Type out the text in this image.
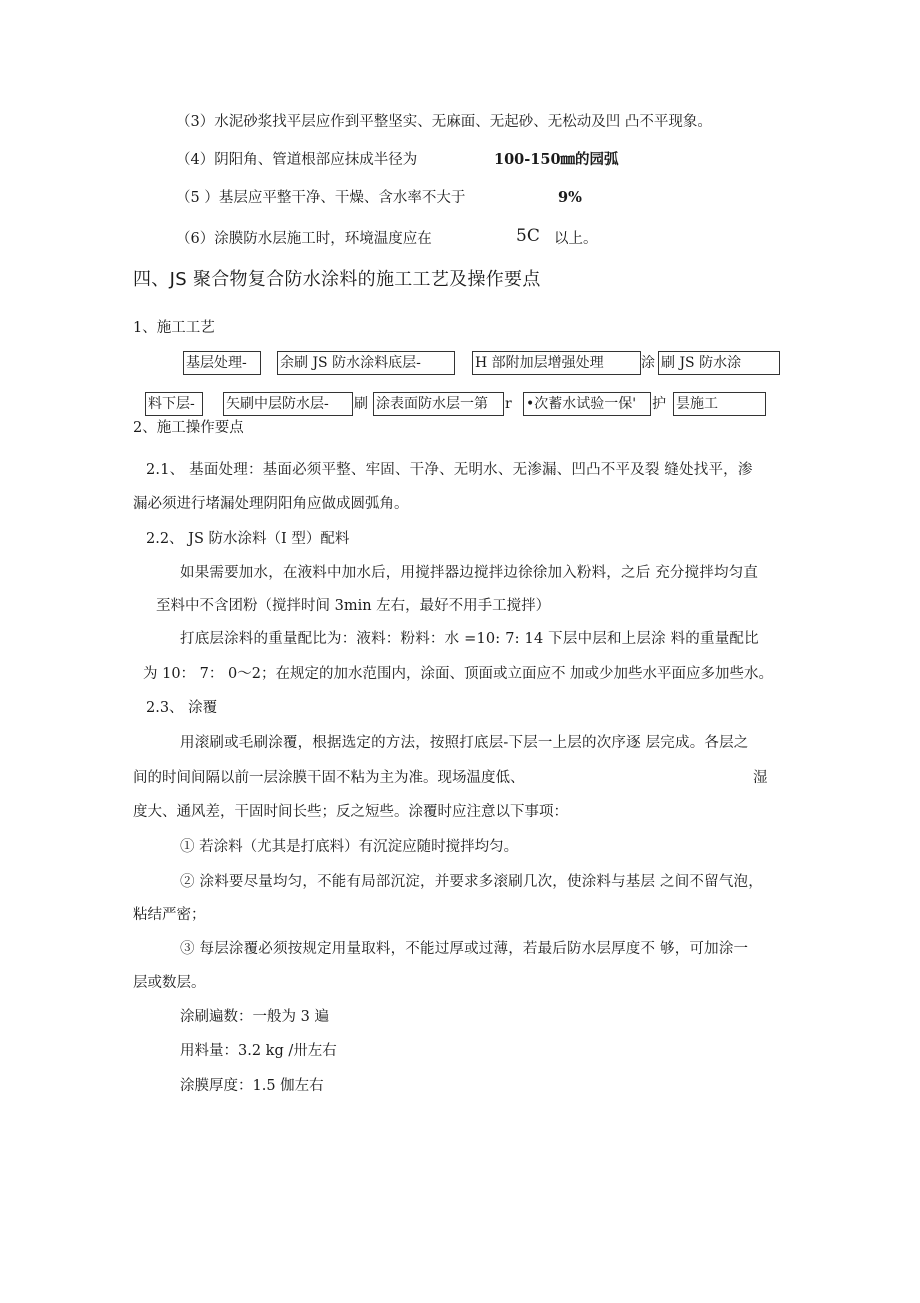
（3）水泥砂浆找平层应作到平整坚实、无麻面、无起砂、无松动及凹 凸不平现象。
（4）阴阳角、管道根部应抹成半径为	100-150㎜的园弧
（5 ）基层应平整干净、干燥、含水率不大于	9%
（6）涂膜防水层施工时，环境温度应在	5C 以上。
四、JS 聚合物复合防水涂料的施工工艺及操作要点
1、施工工艺
基层处理-	余刷 JS 防水涂料底层-	H 部附加层增强处理	涂 刷 JS 防水涂
料下层-	矢刷中层防水层-	刷 涂表面防水层一第	r •次蓄水试验一保'	护 昙施工
2、施工操作要点
2.1、 基面处理：基面必须平整、牢固、干净、无明水、无渗漏、凹凸不平及裂 缝处找平，渗
漏必须进行堵漏处理阴阳角应做成圆弧角。
2.2、 JS 防水涂料（I 型）配料
如果需要加水，在液料中加水后，用搅拌器边搅拌边徐徐加入粉料，之后 充分搅拌均匀直
至料中不含团粉（搅拌时间 3min 左右，最好不用手工搅拌）
打底层涂料的重量配比为：液料：粉料：水 =10: 7: 14 下层中层和上层涂 料的重量配比
为 10： 7： 0～2；在规定的加水范围内，涂面、顶面或立面应不 加或少加些水平面应多加些水。
2.3、 涂覆
用滚刷或毛刷涂覆，根据选定的方法，按照打底层-下层一上层的次序逐 层完成。各层之
间的时间间隔以前一层涂膜干固不粘为主为准。现场温度低、	湿
度大、通风差，干固时间长些；反之短些。涂覆时应注意以下事项：
① 若涂料（尤其是打底料）有沉淀应随时搅拌均匀。
② 涂料要尽量均匀，不能有局部沉淀，并要求多滚刷几次，使涂料与基层 之间不留气泡，
粘结严密；
③ 每层涂覆必须按规定用量取料，不能过厚或过薄，若最后防水层厚度不 够，可加涂一
层或数层。
涂刷遍数：一般为 3 遍
用料量：3.2 kg /卅左右
涂膜厚度：1.5 伽左右
